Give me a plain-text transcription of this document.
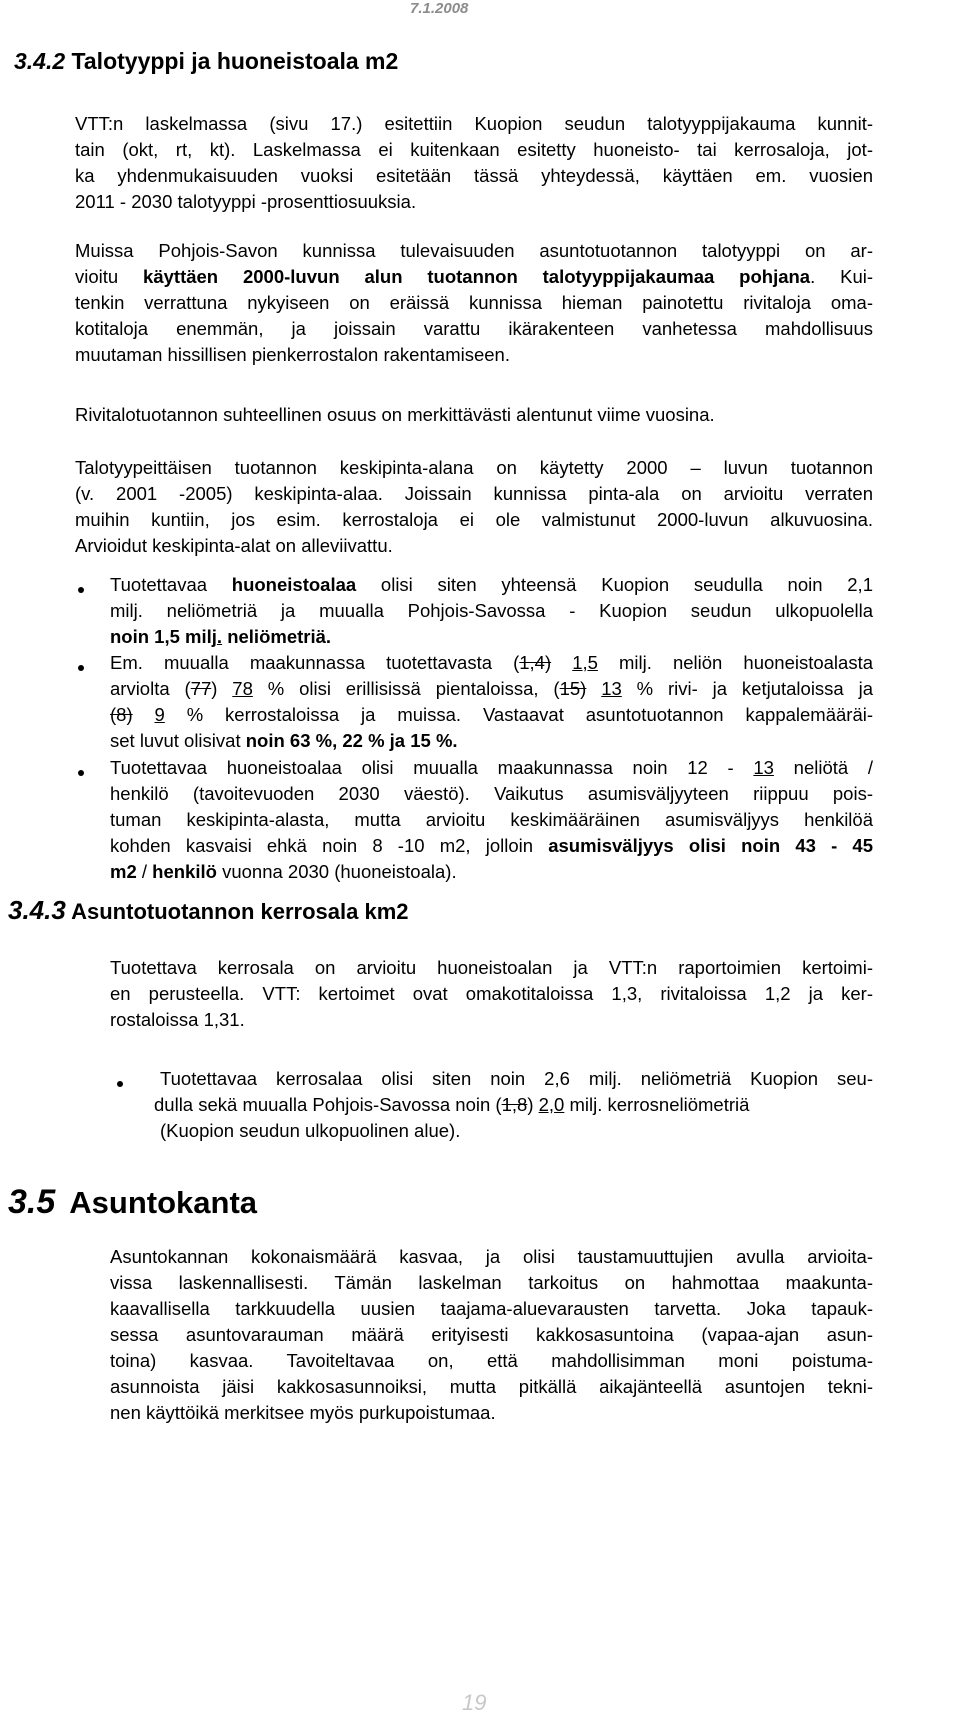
7.1.2008
3.4.2 Talotyyppi ja huoneistoala m2
VTT:n laskelmassa (sivu 17.) esitettiin Kuopion seudun talotyyppijakauma kunnit-
tain (okt, rt, kt). Laskelmassa ei kuitenkaan esitetty huoneisto- tai kerrosaloja, jot-
ka yhdenmukaisuuden vuoksi esitetään tässä yhteydessä, käyttäen em. vuosien
2011 - 2030 talotyyppi -prosenttiosuuksia.
Muissa Pohjois-Savon kunnissa tulevaisuuden asuntotuotannon talotyyppi on ar-
vioitu käyttäen 2000-luvun alun tuotannon talotyyppijakaumaa pohjana. Kui-
tenkin verrattuna nykyiseen on eräissä kunnissa hieman painotettu rivitaloja oma-
kotitaloja enemmän, ja joissain varattu ikärakenteen vanhetessa mahdollisuus
muutaman hissillisen pienkerrostalon rakentamiseen.
Rivitalotuotannon suhteellinen osuus on merkittävästi alentunut viime vuosina.
Talotyypeittäisen tuotannon keskipinta-alana on käytetty 2000 – luvun tuotannon
(v. 2001 -2005) keskipinta-alaa. Joissain kunnissa pinta-ala on arvioitu verraten
muihin kuntiin, jos esim. kerrostaloja ei ole valmistunut 2000-luvun alkuvuosina.
Arvioidut keskipinta-alat on alleviivattu.
Tuotettavaa huoneistoalaa olisi siten yhteensä Kuopion seudulla noin 2,1
milj. neliömetriä ja muualla Pohjois-Savossa - Kuopion seudun ulkopuolella
noin 1,5 milj. neliömetriä.
Em. muualla maakunnassa tuotettavasta (1,4) 1,5 milj. neliön huoneistoalasta
arviolta (77) 78 % olisi erillisissä pientaloissa, (15) 13 % rivi- ja ketjutaloissa ja
(8) 9 % kerrostaloissa ja muissa. Vastaavat asuntotuotannon kappalemääräi-
set luvut olisivat noin 63 %, 22 % ja 15 %.
Tuotettavaa huoneistoalaa olisi muualla maakunnassa noin 12 - 13 neliötä /
henkilö (tavoitevuoden 2030 väestö). Vaikutus asumisväljyyteen riippuu pois-
tuman keskipinta-alasta, mutta arvioitu keskimääräinen asumisväljyys henkilöä
kohden kasvaisi ehkä noin 8 -10 m2, jolloin asumisväljyys olisi noin 43 - 45
m2 / henkilö vuonna 2030 (huoneistoala).
3.4.3 Asuntotuotannon kerrosala km2
Tuotettava kerrosala on arvioitu huoneistoalan ja VTT:n raportoimien kertoimi-
en perusteella. VTT: kertoimet ovat omakotitaloissa 1,3, rivitaloissa 1,2 ja ker-
rostaloissa 1,31.
Tuotettavaa kerrosalaa olisi siten noin 2,6 milj. neliömetriä Kuopion seu-
dulla sekä muualla Pohjois-Savossa noin (1,8) 2,0 milj. kerrosneliömetriä
(Kuopion seudun ulkopuolinen alue).
3.5 Asuntokanta
Asuntokannan kokonaismäärä kasvaa, ja olisi taustamuuttujien avulla arvioita-
vissa laskennallisesti. Tämän laskelman tarkoitus on hahmottaa maakunta-
kaavallisella tarkkuudella uusien taajama-aluevarausten tarvetta. Joka tapauk-
sessa asuntovarauman määrä erityisesti kakkosasuntoina (vapaa-ajan asun-
toina) kasvaa. Tavoiteltavaa on, että mahdollisimman moni poistuma-
asunnoista jäisi kakkosasunnoiksi, mutta pitkällä aikajänteellä asuntojen tekni-
nen käyttöikä merkitsee myös purkupoistumaa.
19
